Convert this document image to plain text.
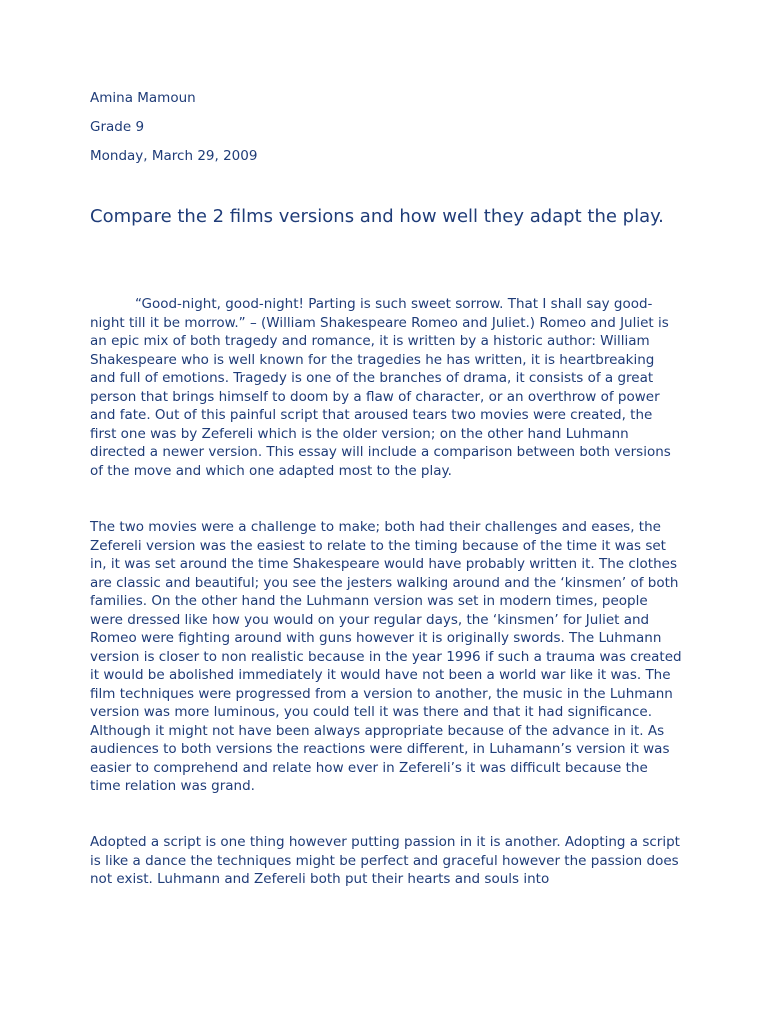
Amina Mamoun
Grade 9
Monday, March 29, 2009
Compare the 2 films versions and how well they adapt the play.
“Good-night, good-night! Parting is such sweet sorrow. That I shall say good-night till it be morrow.” – (William Shakespeare Romeo and Juliet.) Romeo and Juliet is an epic mix of both tragedy and romance, it is written by a historic author: William Shakespeare who is well known for the tragedies he has written, it is heartbreaking and full of emotions. Tragedy is one of the branches of drama, it consists of a great person that brings himself to doom by a flaw of character, or an overthrow of power and fate. Out of this painful script that aroused tears two movies were created, the first one was by Zefereli which is the older version; on the other hand Luhmann directed a newer version. This essay will include a comparison between both versions of the move and which one adapted most to the play.
The two movies were a challenge to make; both had their challenges and eases, the Zefereli version was the easiest to relate to the timing because of the time it was set in, it was set around the time Shakespeare would have probably written it. The clothes are classic and beautiful; you see the jesters walking around and the ‘kinsmen’ of both families. On the other hand the Luhmann version was set in modern times, people were dressed like how you would on your regular days, the ‘kinsmen’ for Juliet and Romeo were fighting around with guns however it is originally swords. The Luhmann version is closer to non realistic because in the year 1996 if such a trauma was created it would be abolished immediately it would have not been a world war like it was. The film techniques were progressed from a version to another, the music in the Luhmann version was more luminous, you could tell it was there and that it had significance. Although it might not have been always appropriate because of the advance in it. As audiences to both versions the reactions were different, in Luhamann’s version it was easier to comprehend and relate how ever in Zefereli’s it was difficult because the time relation was grand.
Adopted a script is one thing however putting passion in it is another. Adopting a script is like a dance the techniques might be perfect and graceful however the passion does not exist. Luhmann and Zefereli both put their hearts and souls into
